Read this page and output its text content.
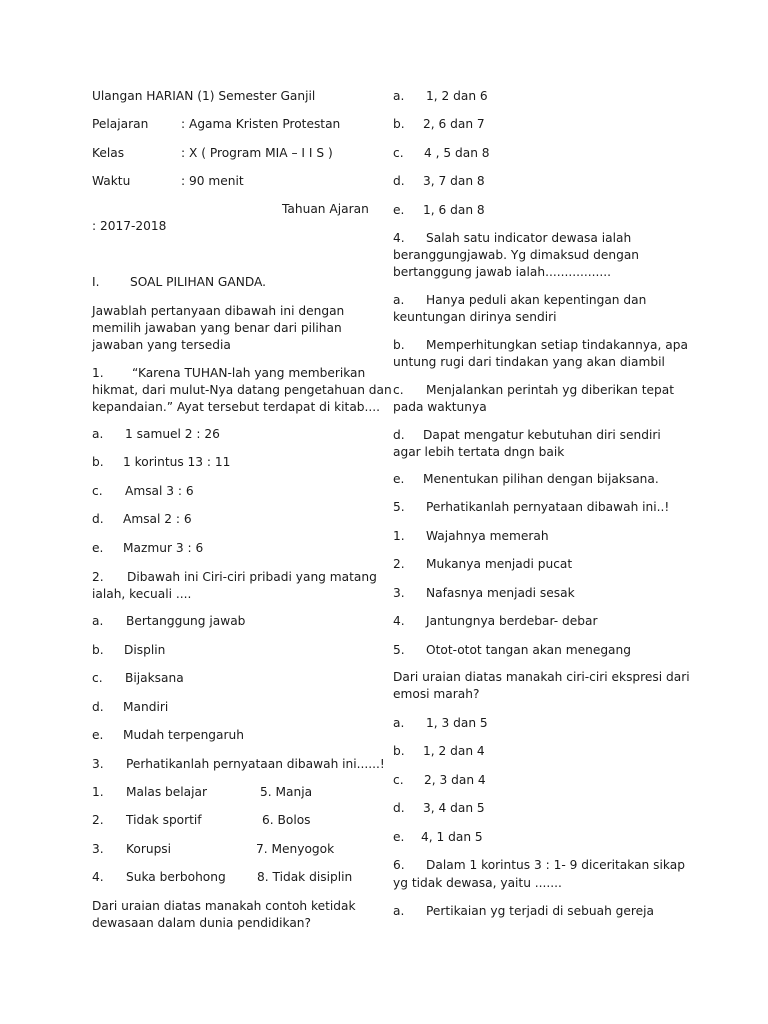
Ulangan HARIAN (1) Semester Ganjil
Pelajaran	: Agama Kristen Protestan
Kelas	: X ( Program MIA – I I S )
Waktu	: 90 menit
Tahuan Ajaran
: 2017-2018
I.	SOAL PILIHAN GANDA.
Jawablah pertanyaan dibawah ini dengan
memilih jawaban yang benar dari pilihan
jawaban yang tersedia
1. “Karena TUHAN-lah yang memberikan
hikmat, dari mulut-Nya datang pengetahuan dan
kepandaian.” Ayat tersebut terdapat di kitab....
a. 1 samuel 2 : 26
b. 1 korintus 13 : 11
c. Amsal 3 : 6
d. Amsal 2 : 6
e. Mazmur 3 : 6
2. Dibawah ini Ciri-ciri pribadi yang matang
ialah, kecuali ....
a. Bertanggung jawab
b. Displin
c. Bijaksana
d. Mandiri
e. Mudah terpengaruh
3. Perhatikanlah pernyataan dibawah ini......!
1. Malas belajar	5. Manja
2. Tidak sportif	6. Bolos
3. Korupsi	7. Menyogok
4. Suka berbohong	8. Tidak disiplin
Dari uraian diatas manakah contoh ketidak
dewasaan dalam dunia pendidikan?
a. 1, 2 dan 6
b. 2, 6 dan 7
c. 4 , 5 dan 8
d. 3, 7 dan 8
e. 1, 6 dan 8
4. Salah satu indicator dewasa ialah
beranggungjawab. Yg dimaksud dengan
bertanggung jawab ialah.................
a. Hanya peduli akan kepentingan dan
keuntungan dirinya sendiri
b. Memperhitungkan setiap tindakannya, apa
untung rugi dari tindakan yang akan diambil
c. Menjalankan perintah yg diberikan tepat
pada waktunya
d. Dapat mengatur kebutuhan diri sendiri
agar lebih tertata dngn baik
e. Menentukan pilihan dengan bijaksana.
5. Perhatikanlah pernyataan dibawah ini..!
1. Wajahnya memerah
2. Mukanya menjadi pucat
3. Nafasnya menjadi sesak
4. Jantungnya berdebar- debar
5. Otot-otot tangan akan menegang
Dari uraian diatas manakah ciri-ciri ekspresi dari
emosi marah?
a. 1, 3 dan 5
b. 1, 2 dan 4
c. 2, 3 dan 4
d. 3, 4 dan 5
e. 4, 1 dan 5
6. Dalam 1 korintus 3 : 1- 9 diceritakan sikap
yg tidak dewasa, yaitu .......
a. Pertikaian yg terjadi di sebuah gereja
